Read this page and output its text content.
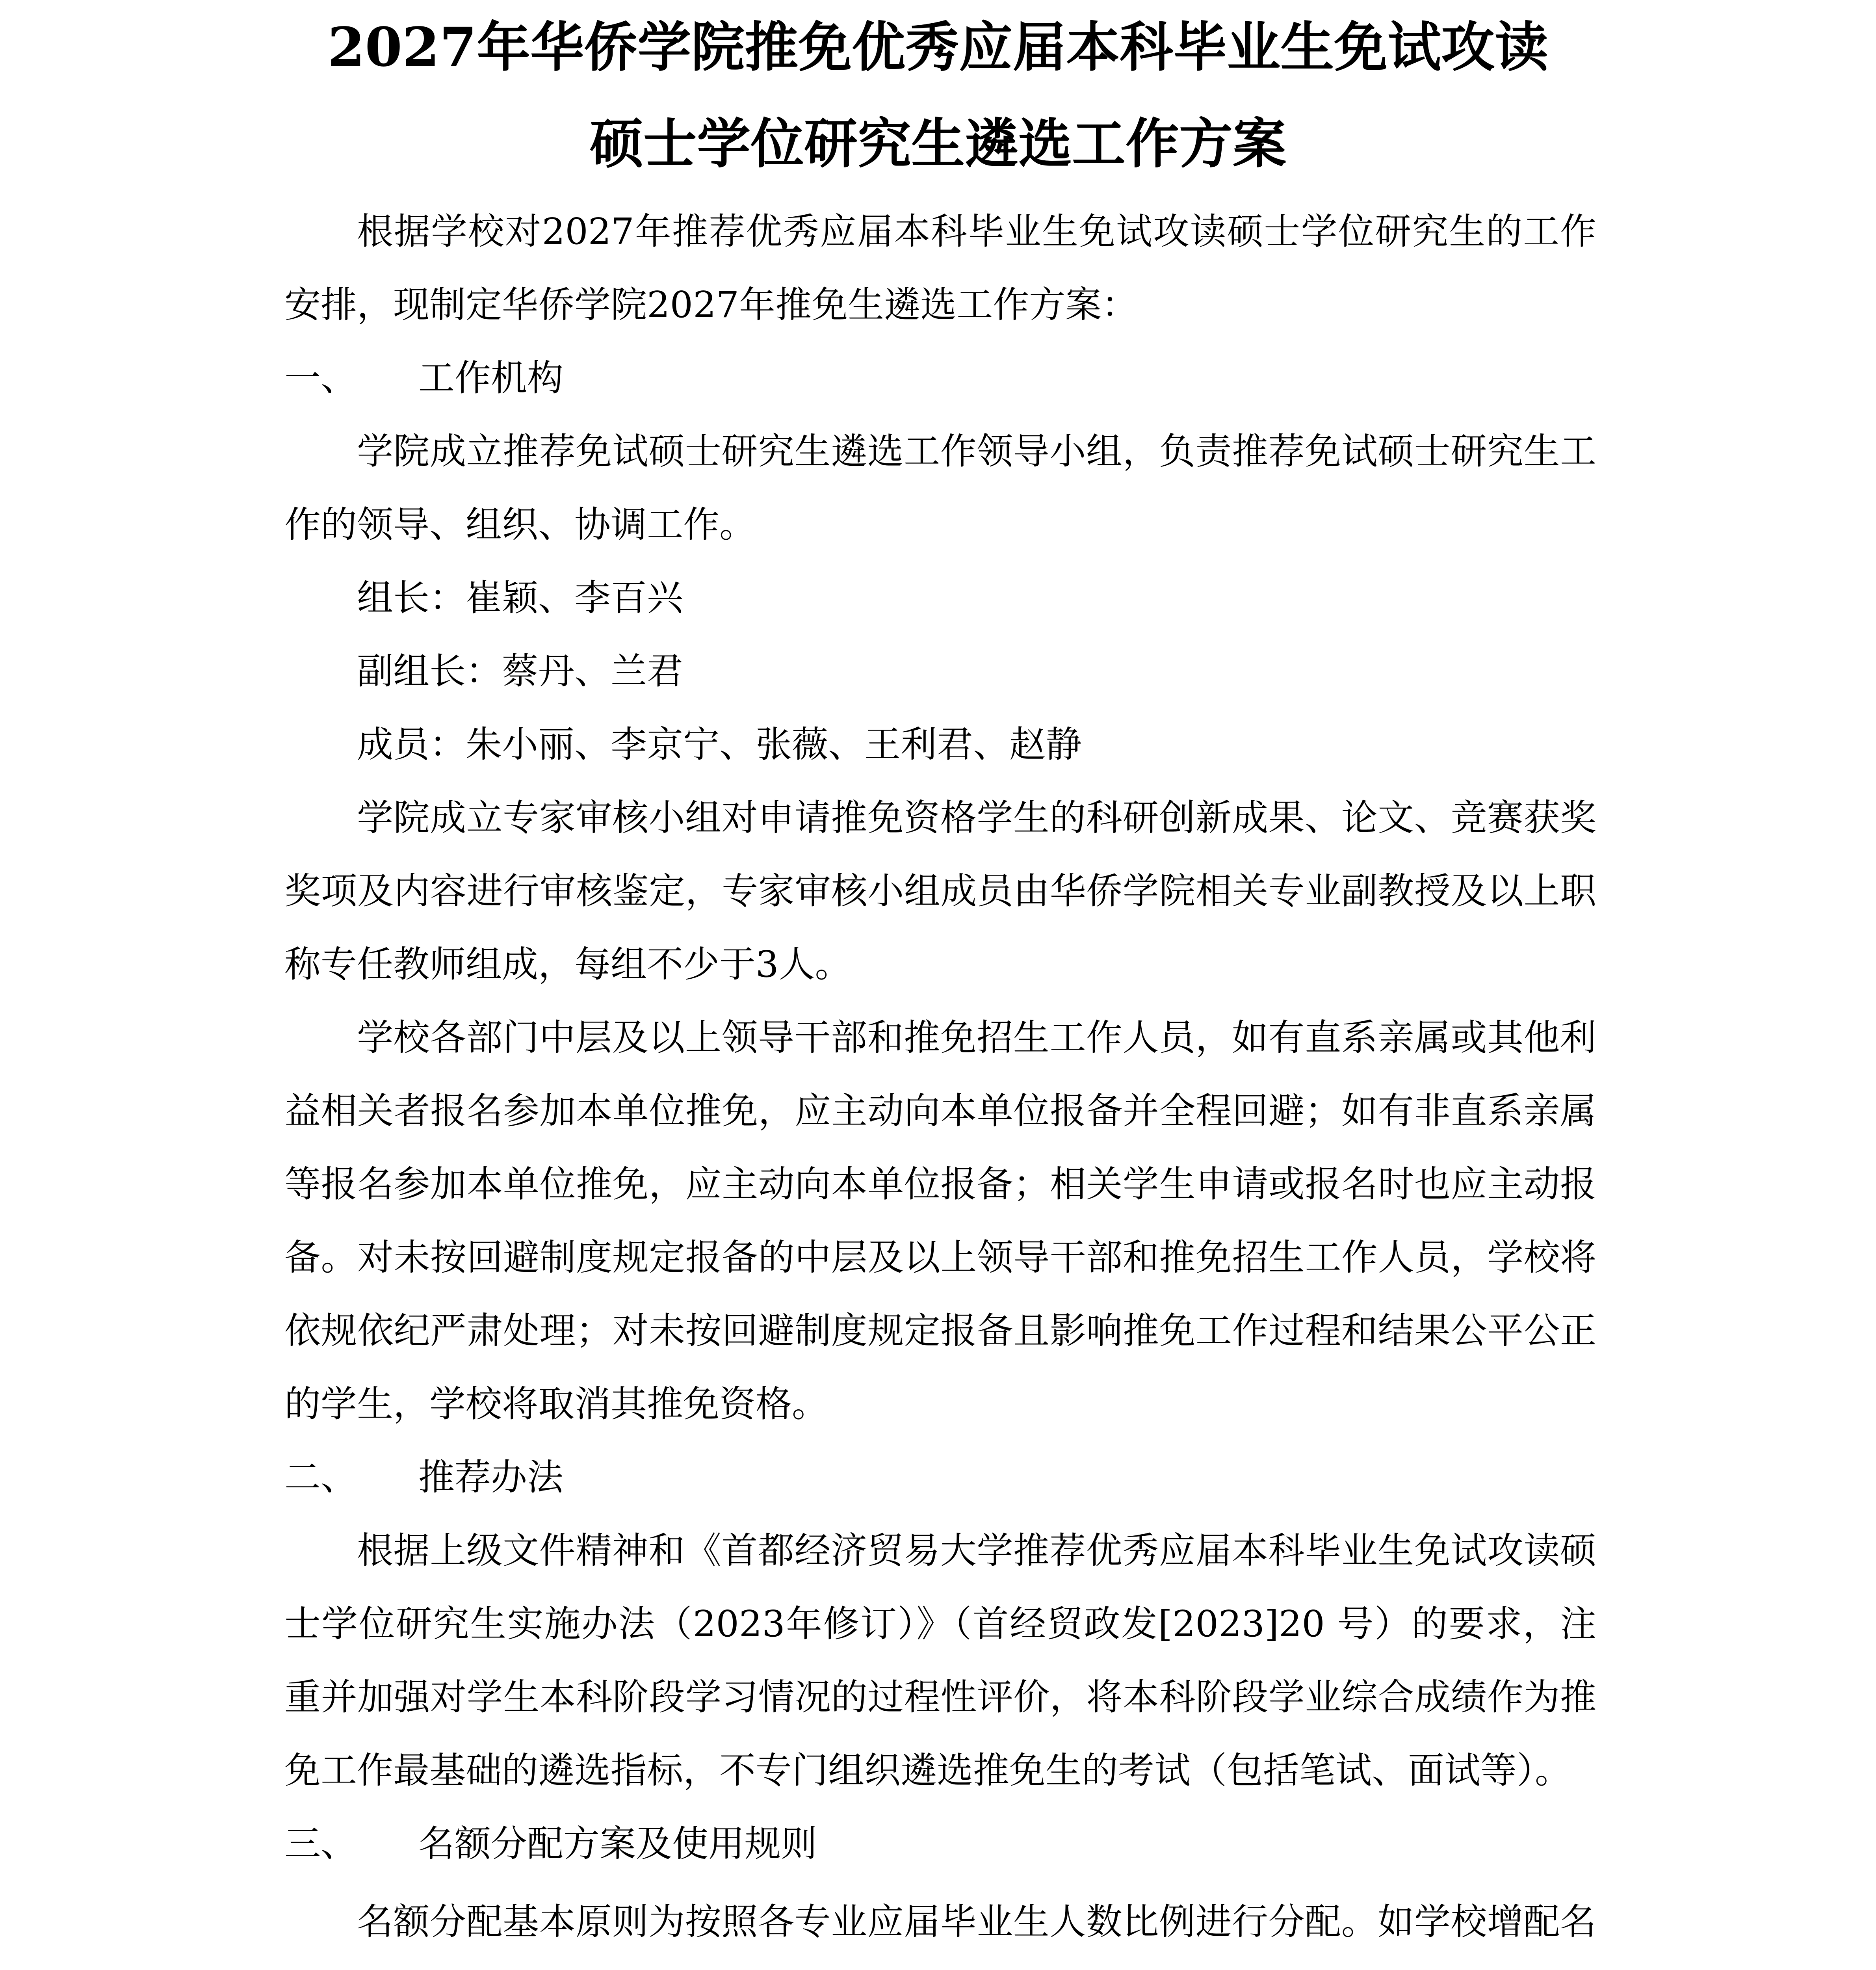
2027年华侨学院推免优秀应届本科毕业生免试攻读
硕士学位研究生遴选工作方案

根据学校对2027年推荐优秀应届本科毕业生免试攻读硕士学位研究生的工作安排，现制定华侨学院2027年推免生遴选工作方案：

一、 工作机构

学院成立推荐免试硕士研究生遴选工作领导小组，负责推荐免试硕士研究生工作的领导、组织、协调工作。

组长：崔颖、李百兴

副组长：蔡丹、兰君

成员：朱小丽、李京宁、张薇、王利君、赵静

学院成立专家审核小组对申请推免资格学生的科研创新成果、论文、竞赛获奖奖项及内容进行审核鉴定，专家审核小组成员由华侨学院相关专业副教授及以上职称专任教师组成，每组不少于3人。

学校各部门中层及以上领导干部和推免招生工作人员，如有直系亲属或其他利益相关者报名参加本单位推免，应主动向本单位报备并全程回避；如有非直系亲属等报名参加本单位推免，应主动向本单位报备；相关学生申请或报名时也应主动报备。对未按回避制度规定报备的中层及以上领导干部和推免招生工作人员，学校将依规依纪严肃处理；对未按回避制度规定报备且影响推免工作过程和结果公平公正的学生，学校将取消其推免资格。

二、 推荐办法

根据上级文件精神和《首都经济贸易大学推荐优秀应届本科毕业生免试攻读硕士学位研究生实施办法（2023年修订）》（首经贸政发[2023]20 号）的要求，注重并加强对学生本科阶段学习情况的过程性评价，将本科阶段学业综合成绩作为推免工作最基础的遴选指标，不专门组织遴选推免生的考试（包括笔试、面试等）。

三、 名额分配方案及使用规则

名额分配基本原则为按照各专业应届毕业生人数比例进行分配。如学校增配名
